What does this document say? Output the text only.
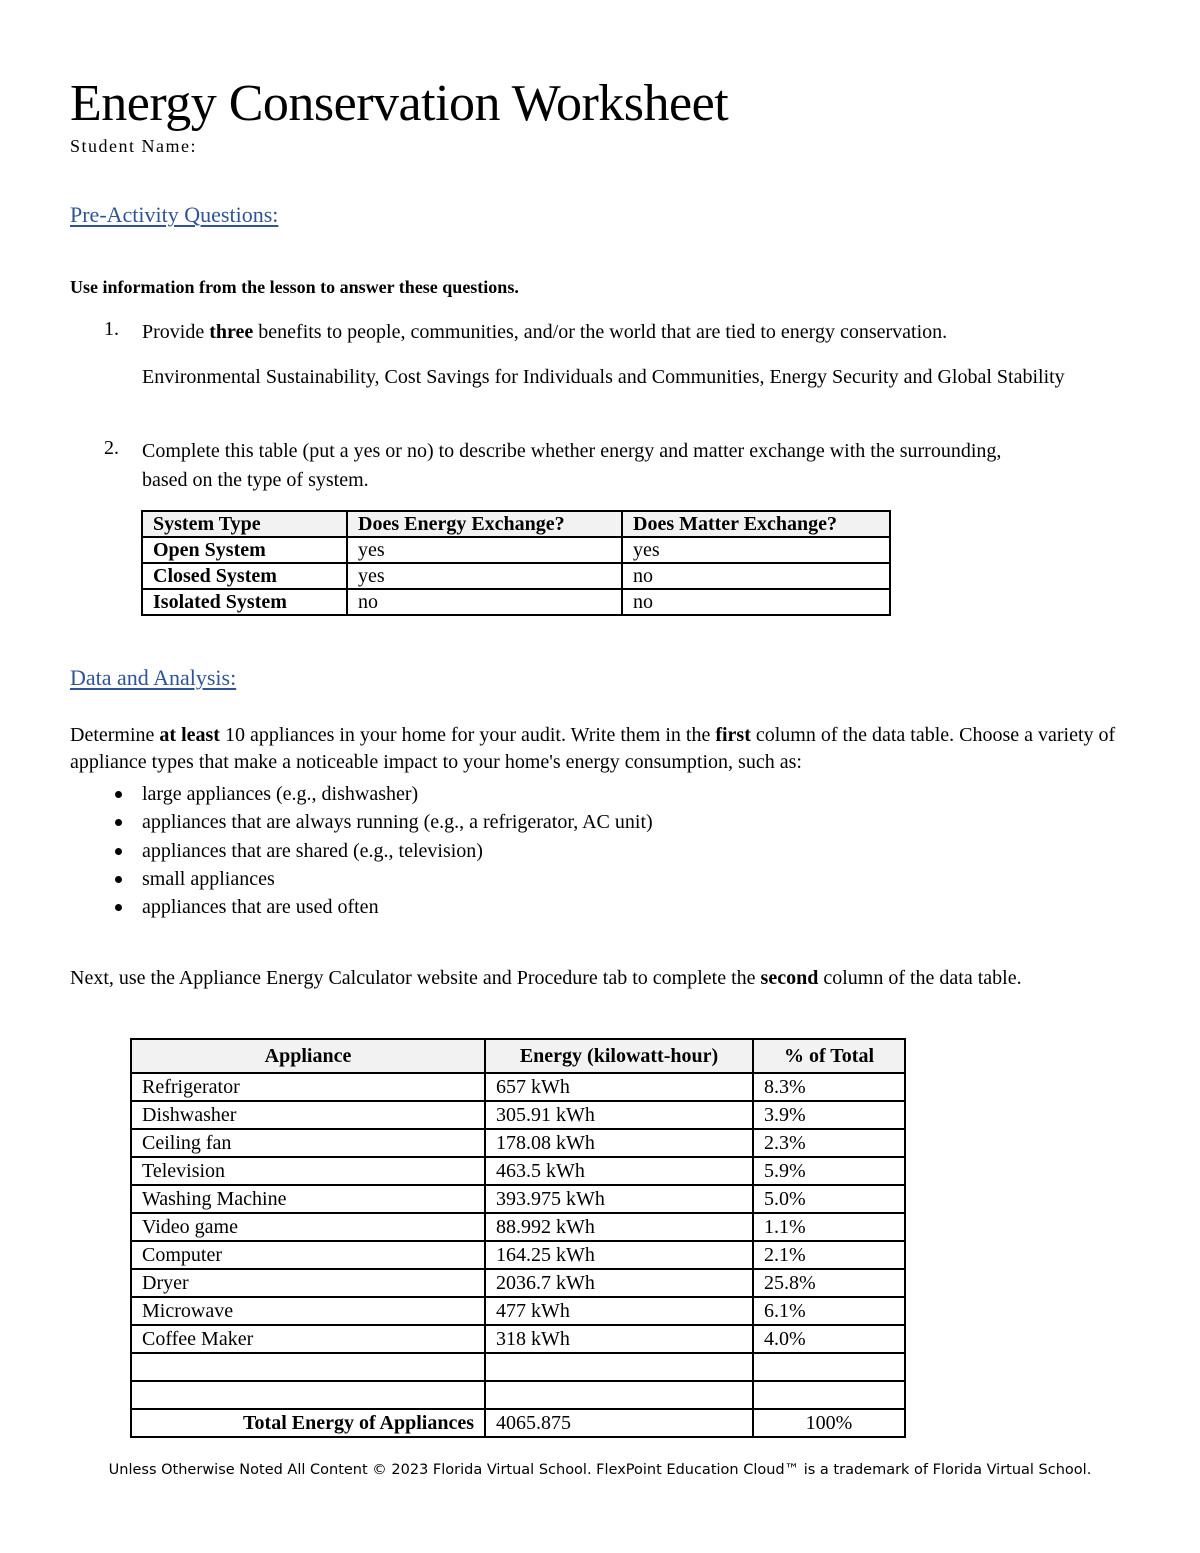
Energy Conservation Worksheet
Student Name:
Pre-Activity Questions:
Use information from the lesson to answer these questions.
1. Provide three benefits to people, communities, and/or the world that are tied to energy conservation.
Environmental Sustainability, Cost Savings for Individuals and Communities, Energy Security and Global Stability
2. Complete this table (put a yes or no) to describe whether energy and matter exchange with the surrounding, based on the type of system.
System Type	Does Energy Exchange?	Does Matter Exchange?
Open System	yes	yes
Closed System	yes	no
Isolated System	no	no
Data and Analysis:
Determine at least 10 appliances in your home for your audit. Write them in the first column of the data table. Choose a variety of appliance types that make a noticeable impact to your home's energy consumption, such as:
large appliances (e.g., dishwasher)
appliances that are always running (e.g., a refrigerator, AC unit)
appliances that are shared (e.g., television)
small appliances
appliances that are used often
Next, use the Appliance Energy Calculator website and Procedure tab to complete the second column of the data table.
Appliance	Energy (kilowatt-hour)	% of Total
Refrigerator	657 kWh	8.3%
Dishwasher	305.91 kWh	3.9%
Ceiling fan	178.08 kWh	2.3%
Television	463.5 kWh	5.9%
Washing Machine	393.975 kWh	5.0%
Video game	88.992 kWh	1.1%
Computer	164.25 kWh	2.1%
Dryer	2036.7 kWh	25.8%
Microwave	477 kWh	6.1%
Coffee Maker	318 kWh	4.0%

Total Energy of Appliances	4065.875	100%
Unless Otherwise Noted All Content © 2023 Florida Virtual School. FlexPoint Education Cloud™ is a trademark of Florida Virtual School.
